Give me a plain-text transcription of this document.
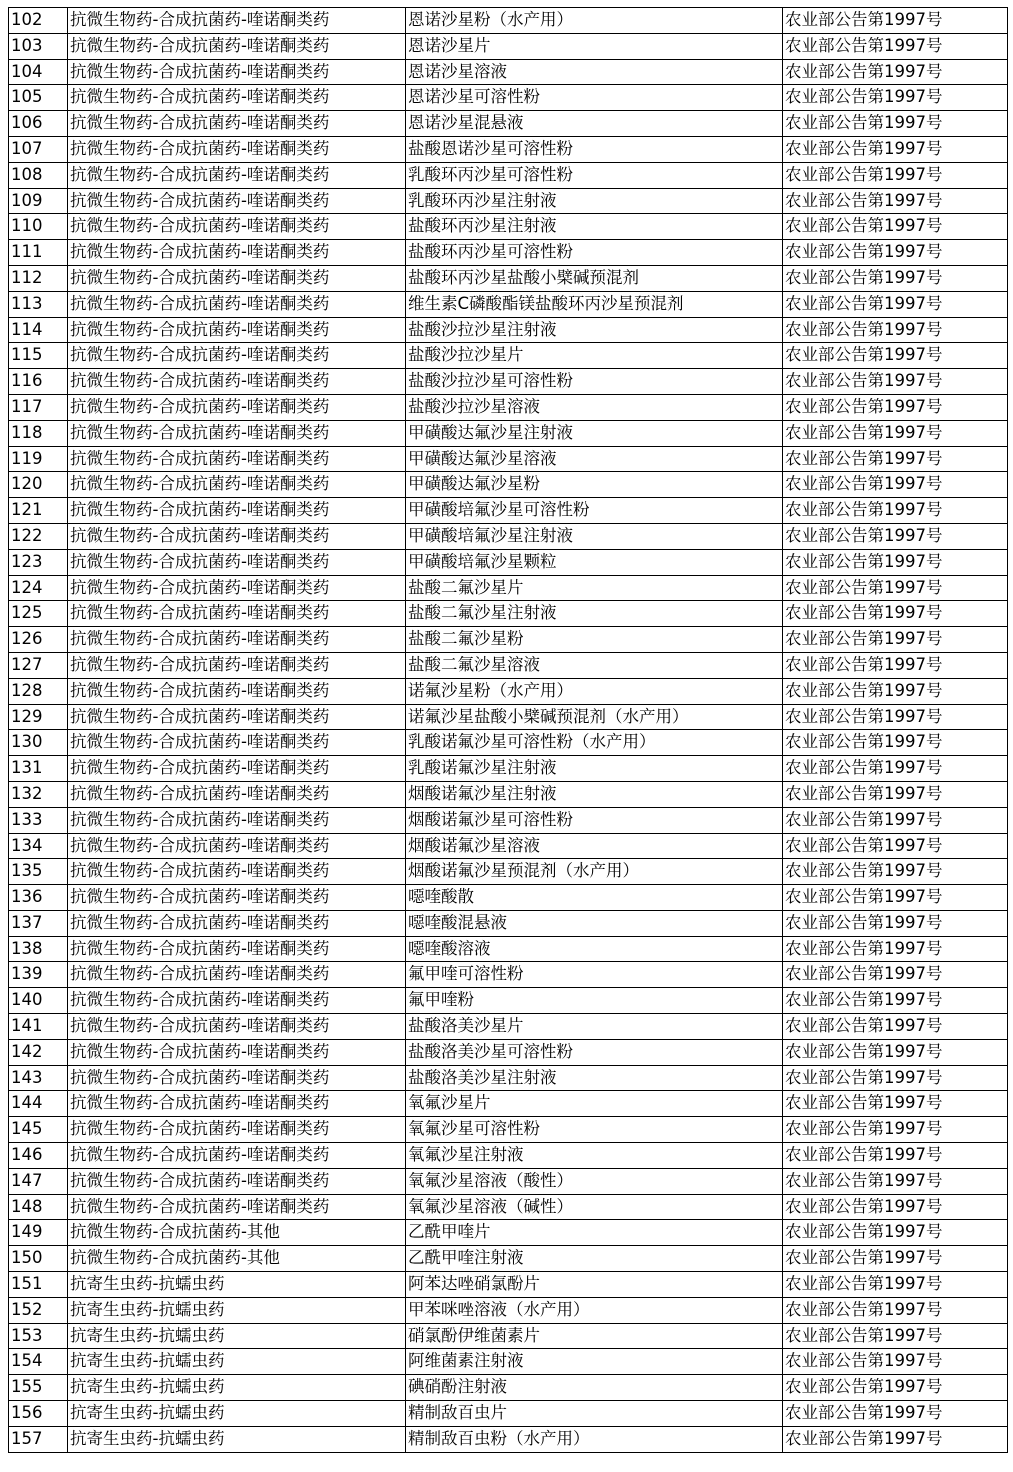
102	抗微生物药-合成抗菌药-喹诺酮类药	恩诺沙星粉（水产用）	农业部公告第1997号
103	抗微生物药-合成抗菌药-喹诺酮类药	恩诺沙星片	农业部公告第1997号
104	抗微生物药-合成抗菌药-喹诺酮类药	恩诺沙星溶液	农业部公告第1997号
105	抗微生物药-合成抗菌药-喹诺酮类药	恩诺沙星可溶性粉	农业部公告第1997号
106	抗微生物药-合成抗菌药-喹诺酮类药	恩诺沙星混悬液	农业部公告第1997号
107	抗微生物药-合成抗菌药-喹诺酮类药	盐酸恩诺沙星可溶性粉	农业部公告第1997号
108	抗微生物药-合成抗菌药-喹诺酮类药	乳酸环丙沙星可溶性粉	农业部公告第1997号
109	抗微生物药-合成抗菌药-喹诺酮类药	乳酸环丙沙星注射液	农业部公告第1997号
110	抗微生物药-合成抗菌药-喹诺酮类药	盐酸环丙沙星注射液	农业部公告第1997号
111	抗微生物药-合成抗菌药-喹诺酮类药	盐酸环丙沙星可溶性粉	农业部公告第1997号
112	抗微生物药-合成抗菌药-喹诺酮类药	盐酸环丙沙星盐酸小檗碱预混剂	农业部公告第1997号
113	抗微生物药-合成抗菌药-喹诺酮类药	维生素C磷酸酯镁盐酸环丙沙星预混剂	农业部公告第1997号
114	抗微生物药-合成抗菌药-喹诺酮类药	盐酸沙拉沙星注射液	农业部公告第1997号
115	抗微生物药-合成抗菌药-喹诺酮类药	盐酸沙拉沙星片	农业部公告第1997号
116	抗微生物药-合成抗菌药-喹诺酮类药	盐酸沙拉沙星可溶性粉	农业部公告第1997号
117	抗微生物药-合成抗菌药-喹诺酮类药	盐酸沙拉沙星溶液	农业部公告第1997号
118	抗微生物药-合成抗菌药-喹诺酮类药	甲磺酸达氟沙星注射液	农业部公告第1997号
119	抗微生物药-合成抗菌药-喹诺酮类药	甲磺酸达氟沙星溶液	农业部公告第1997号
120	抗微生物药-合成抗菌药-喹诺酮类药	甲磺酸达氟沙星粉	农业部公告第1997号
121	抗微生物药-合成抗菌药-喹诺酮类药	甲磺酸培氟沙星可溶性粉	农业部公告第1997号
122	抗微生物药-合成抗菌药-喹诺酮类药	甲磺酸培氟沙星注射液	农业部公告第1997号
123	抗微生物药-合成抗菌药-喹诺酮类药	甲磺酸培氟沙星颗粒	农业部公告第1997号
124	抗微生物药-合成抗菌药-喹诺酮类药	盐酸二氟沙星片	农业部公告第1997号
125	抗微生物药-合成抗菌药-喹诺酮类药	盐酸二氟沙星注射液	农业部公告第1997号
126	抗微生物药-合成抗菌药-喹诺酮类药	盐酸二氟沙星粉	农业部公告第1997号
127	抗微生物药-合成抗菌药-喹诺酮类药	盐酸二氟沙星溶液	农业部公告第1997号
128	抗微生物药-合成抗菌药-喹诺酮类药	诺氟沙星粉（水产用）	农业部公告第1997号
129	抗微生物药-合成抗菌药-喹诺酮类药	诺氟沙星盐酸小檗碱预混剂（水产用）	农业部公告第1997号
130	抗微生物药-合成抗菌药-喹诺酮类药	乳酸诺氟沙星可溶性粉（水产用）	农业部公告第1997号
131	抗微生物药-合成抗菌药-喹诺酮类药	乳酸诺氟沙星注射液	农业部公告第1997号
132	抗微生物药-合成抗菌药-喹诺酮类药	烟酸诺氟沙星注射液	农业部公告第1997号
133	抗微生物药-合成抗菌药-喹诺酮类药	烟酸诺氟沙星可溶性粉	农业部公告第1997号
134	抗微生物药-合成抗菌药-喹诺酮类药	烟酸诺氟沙星溶液	农业部公告第1997号
135	抗微生物药-合成抗菌药-喹诺酮类药	烟酸诺氟沙星预混剂（水产用）	农业部公告第1997号
136	抗微生物药-合成抗菌药-喹诺酮类药	噁喹酸散	农业部公告第1997号
137	抗微生物药-合成抗菌药-喹诺酮类药	噁喹酸混悬液	农业部公告第1997号
138	抗微生物药-合成抗菌药-喹诺酮类药	噁喹酸溶液	农业部公告第1997号
139	抗微生物药-合成抗菌药-喹诺酮类药	氟甲喹可溶性粉	农业部公告第1997号
140	抗微生物药-合成抗菌药-喹诺酮类药	氟甲喹粉	农业部公告第1997号
141	抗微生物药-合成抗菌药-喹诺酮类药	盐酸洛美沙星片	农业部公告第1997号
142	抗微生物药-合成抗菌药-喹诺酮类药	盐酸洛美沙星可溶性粉	农业部公告第1997号
143	抗微生物药-合成抗菌药-喹诺酮类药	盐酸洛美沙星注射液	农业部公告第1997号
144	抗微生物药-合成抗菌药-喹诺酮类药	氧氟沙星片	农业部公告第1997号
145	抗微生物药-合成抗菌药-喹诺酮类药	氧氟沙星可溶性粉	农业部公告第1997号
146	抗微生物药-合成抗菌药-喹诺酮类药	氧氟沙星注射液	农业部公告第1997号
147	抗微生物药-合成抗菌药-喹诺酮类药	氧氟沙星溶液（酸性）	农业部公告第1997号
148	抗微生物药-合成抗菌药-喹诺酮类药	氧氟沙星溶液（碱性）	农业部公告第1997号
149	抗微生物药-合成抗菌药-其他	乙酰甲喹片	农业部公告第1997号
150	抗微生物药-合成抗菌药-其他	乙酰甲喹注射液	农业部公告第1997号
151	抗寄生虫药-抗蠕虫药	阿苯达唑硝氯酚片	农业部公告第1997号
152	抗寄生虫药-抗蠕虫药	甲苯咪唑溶液（水产用）	农业部公告第1997号
153	抗寄生虫药-抗蠕虫药	硝氯酚伊维菌素片	农业部公告第1997号
154	抗寄生虫药-抗蠕虫药	阿维菌素注射液	农业部公告第1997号
155	抗寄生虫药-抗蠕虫药	碘硝酚注射液	农业部公告第1997号
156	抗寄生虫药-抗蠕虫药	精制敌百虫片	农业部公告第1997号
157	抗寄生虫药-抗蠕虫药	精制敌百虫粉（水产用）	农业部公告第1997号
